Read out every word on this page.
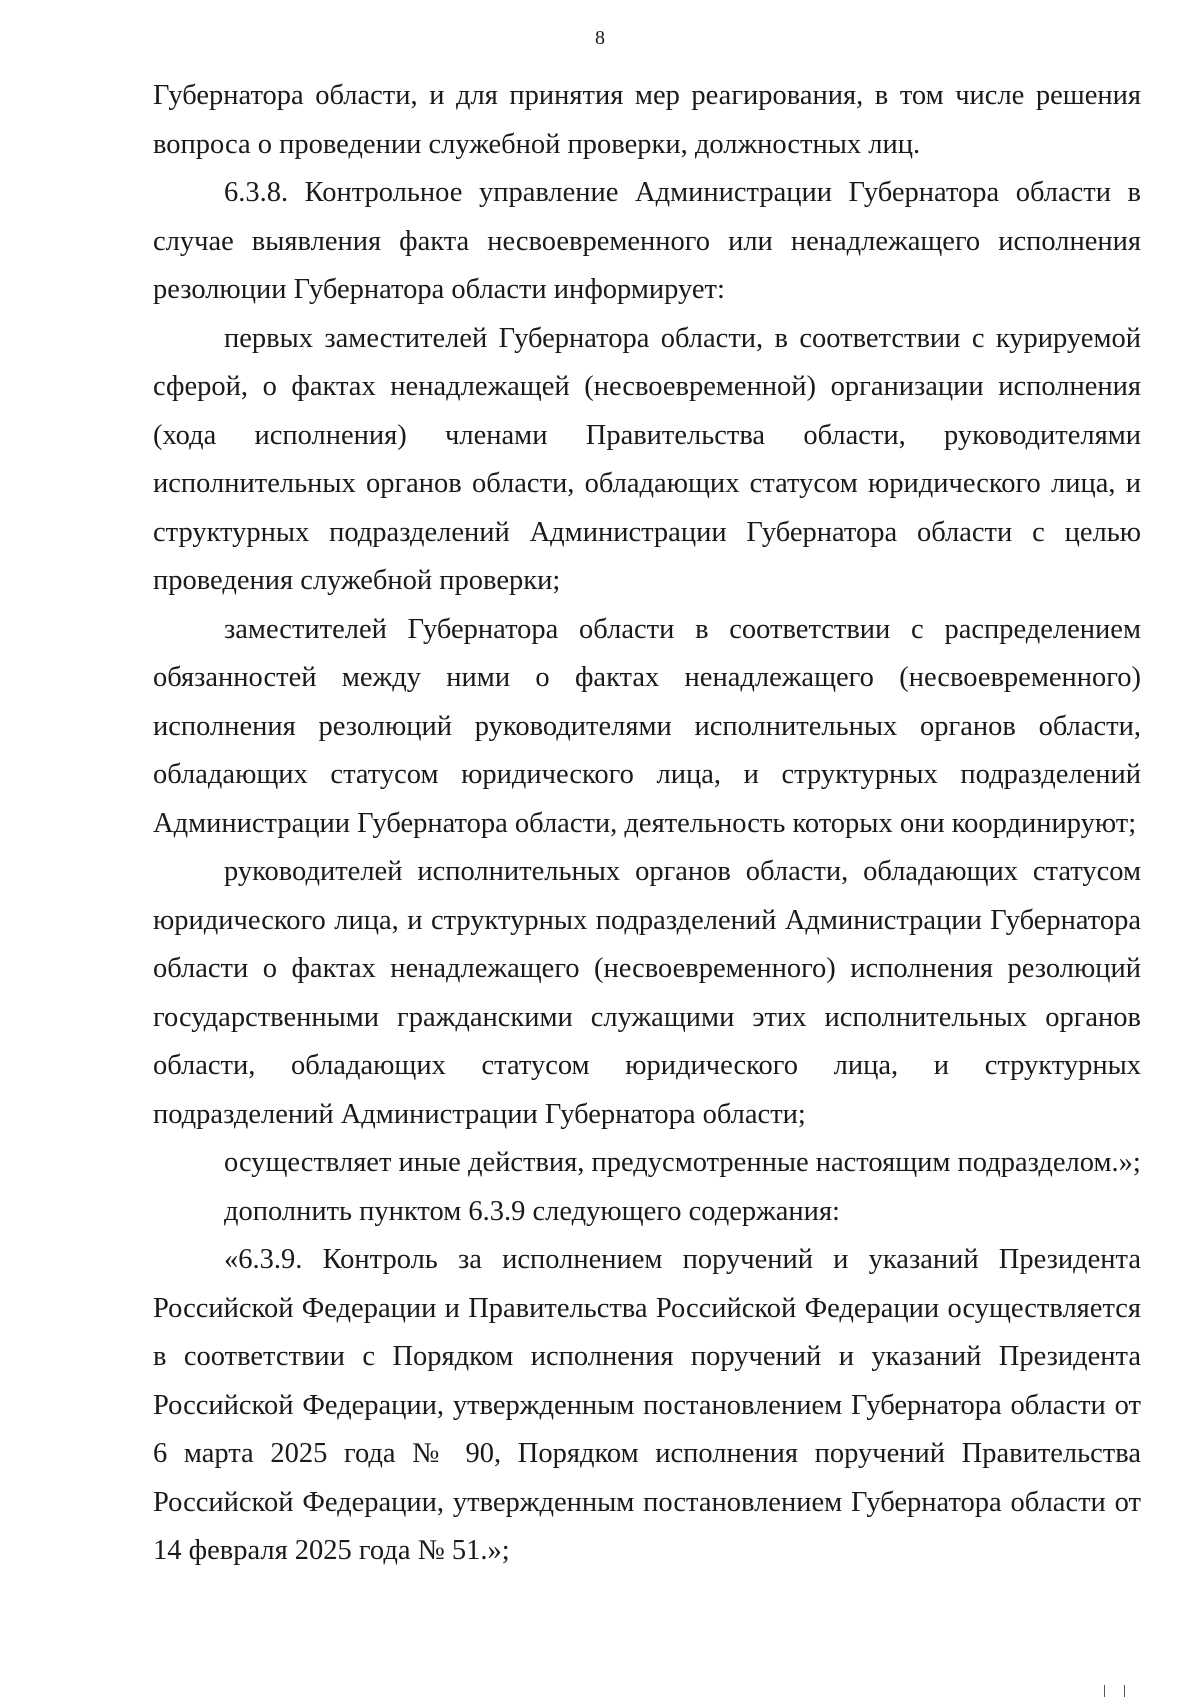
8

Губернатора области, и для принятия мер реагирования, в том числе решения вопроса о проведении служебной проверки, должностных лиц.

6.3.8. Контрольное управление Администрации Губернатора области в случае выявления факта несвоевременного или ненадлежащего исполнения резолюции Губернатора области информирует:

первых заместителей Губернатора области, в соответствии с курируемой сферой, о фактах ненадлежащей (несвоевременной) организации исполнения (хода исполнения) членами Правительства области, руководителями исполнительных органов области, обладающих статусом юридического лица, и структурных подразделений Администрации Губернатора области с целью проведения служебной проверки;

заместителей Губернатора области в соответствии с распределением обязанностей между ними о фактах ненадлежащего (несвоевременного) исполнения резолюций руководителями исполнительных органов области, обладающих статусом юридического лица, и структурных подразделений Администрации Губернатора области, деятельность которых они координируют;

руководителей исполнительных органов области, обладающих статусом юридического лица, и структурных подразделений Администрации Губернатора области о фактах ненадлежащего (несвоевременного) исполнения резолюций государственными гражданскими служащими этих исполнительных органов области, обладающих статусом юридического лица, и структурных подразделений Администрации Губернатора области;

осуществляет иные действия, предусмотренные настоящим подразделом.»;

дополнить пунктом 6.3.9 следующего содержания:

«6.3.9. Контроль за исполнением поручений и указаний Президента Российской Федерации и Правительства Российской Федерации осуществляется в соответствии с Порядком исполнения поручений и указаний Президента Российской Федерации, утвержденным постановлением Губернатора области от 6 марта 2025 года № 90, Порядком исполнения поручений Правительства Российской Федерации, утвержденным постановлением Губернатора области от 14 февраля 2025 года № 51.»;
